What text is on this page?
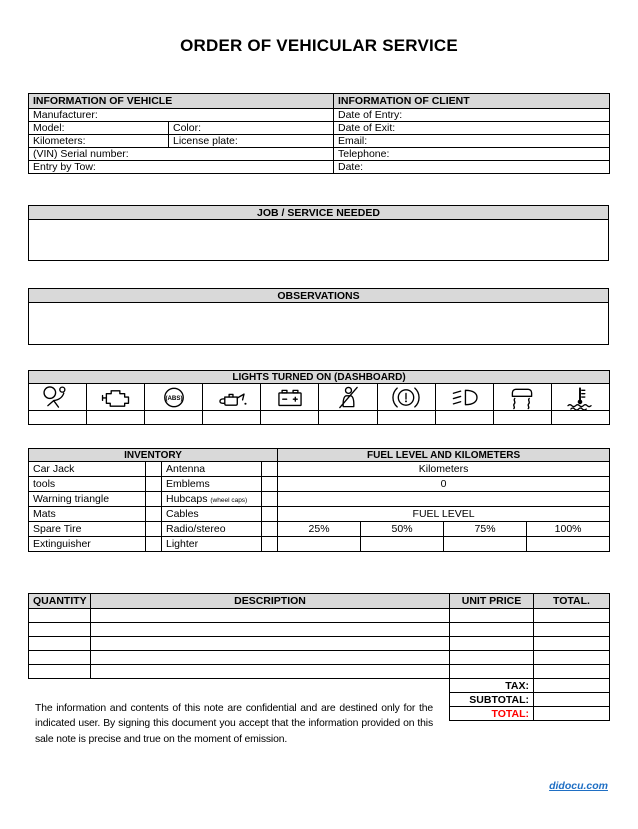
ORDER OF VEHICULAR SERVICE
INFORMATION OF VEHICLE		INFORMATION OF CLIENT
Manufacturer:		Date of Entry:
Model:	Color:	Date of Exit:
Kilometers:	License plate:	Email:
(VIN) Serial number:		Telephone:
Entry by Tow:		Date:
JOB / SERVICE NEEDED

OBSERVATIONS

LIGHTS TURNED ON (DASHBOARD)									

(ABS)

INVENTORY				FUEL LEVEL AND KILOMETERS			
Car Jack		Antenna		Kilometers			
tools		Emblems		0			
Warning triangle		Hubcaps (wheel caps)					
Mats		Cables		FUEL LEVEL			
Spare Tire		Radio/stereo		25%	50%	75%	100%
Extinguisher		Lighter					
QUANTITY	DESCRIPTION	UNIT PRICE	TOTAL.

TAX:	
SUBTOTAL:	
TOTAL:	
The information and contents of this note are confidential and are destined only for the indicated user. By signing this document you accept that the information provided on this sale note is precise and true on the moment of emission.
didocu.com
